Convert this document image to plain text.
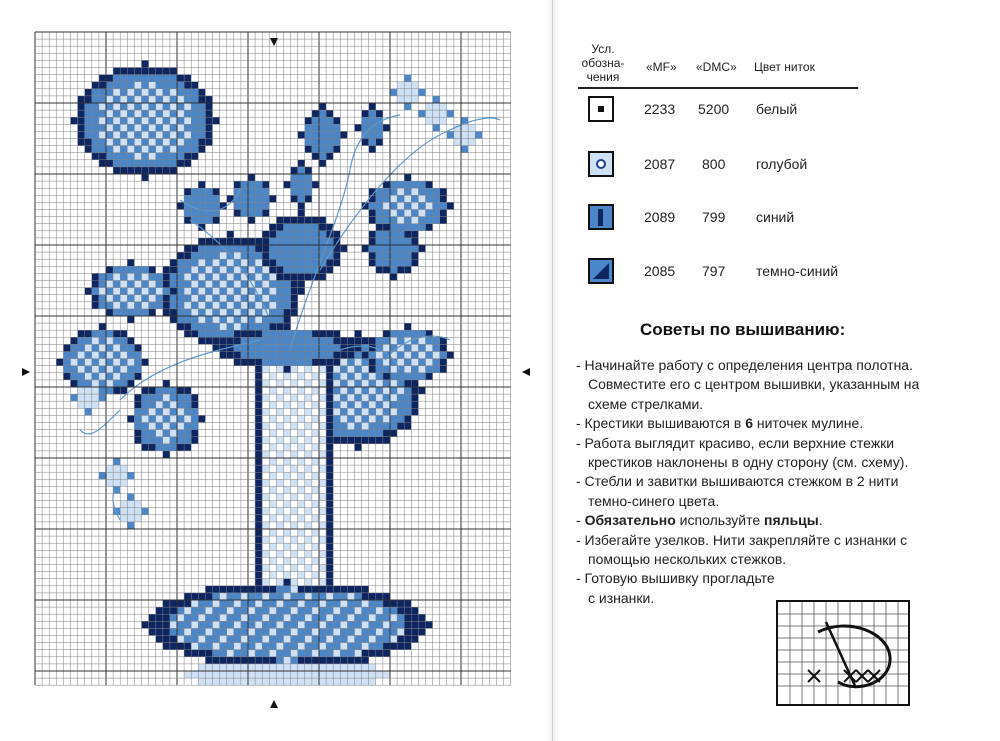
Усл.
обозна-
чения
«MF» «DMC» Цвет ниток
2233 5200 белый
2087 800 голубой
2089 799 синий
2085 797 темно-синий
Советы по вышиванию:

- Начинайте работу с определения центра полотна. Совместите его с центром вышивки, указанным на схеме стрелками.

- Крестики вышиваются в 6 ниточек мулине.

- Работа выглядит красиво, если верхние стежки крестиков наклонены в одну сторону (см. схему).

- Стебли и завитки вышиваются стежком в 2 нити темно-синего цвета.

- Обязательно используйте пяльцы.

- Избегайте узелков. Нити закрепляйте с изнанки с помощью нескольких стежков.

- Готовую вышивку прогладьте с изнанки.
